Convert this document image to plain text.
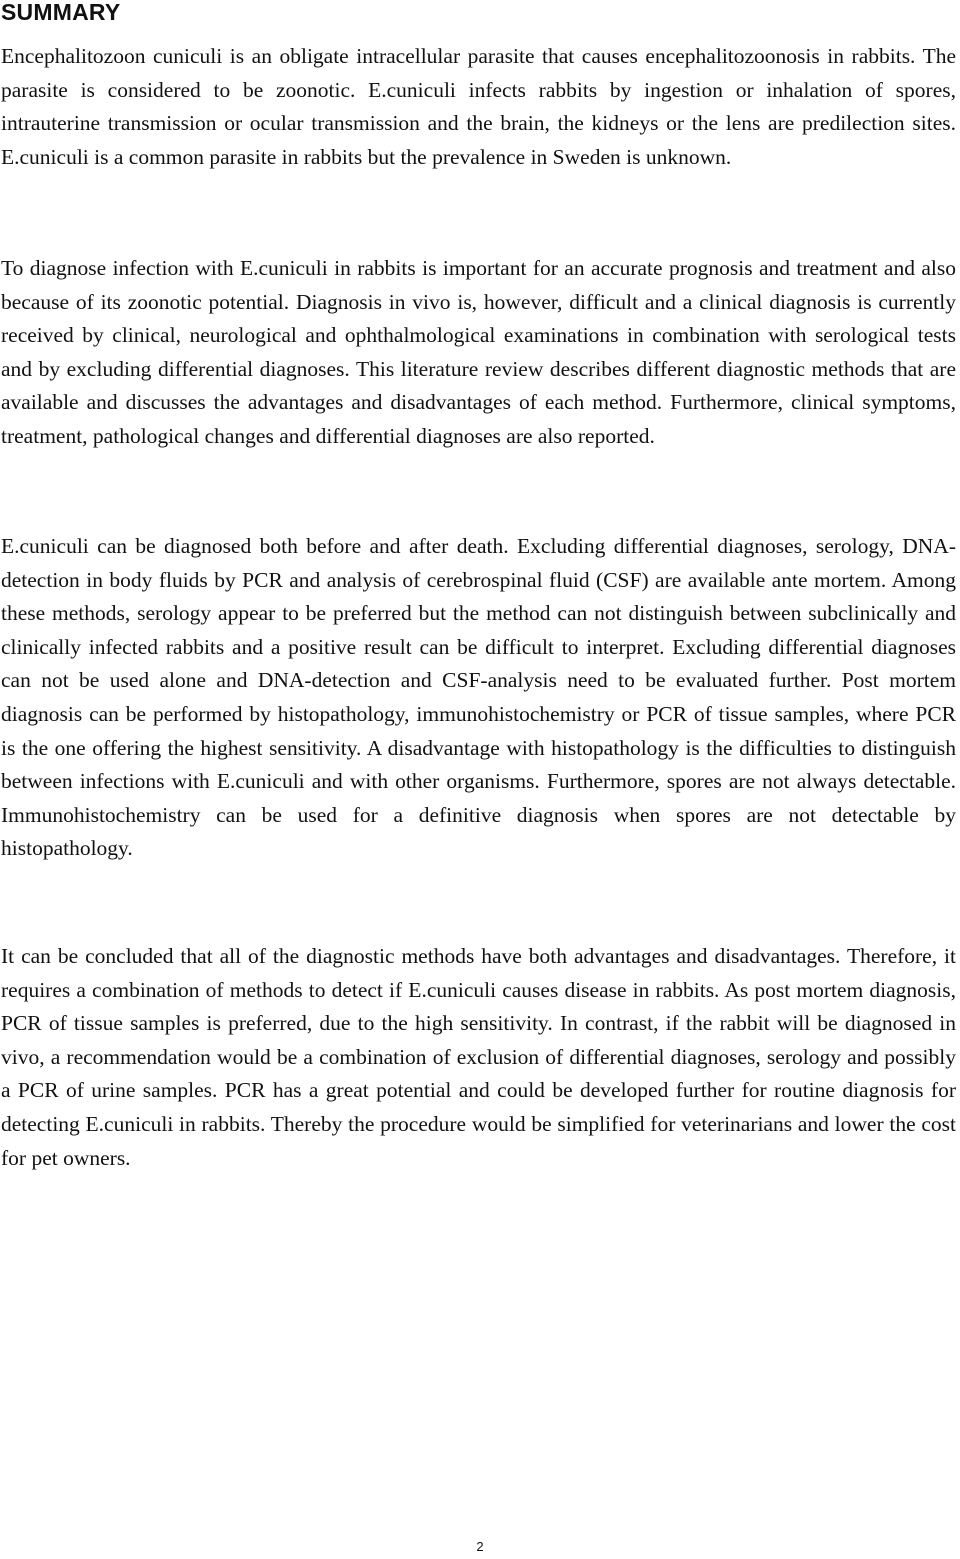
SUMMARY

Encephalitozoon cuniculi is an obligate intracellular parasite that causes encephalitozoonosis in rabbits. The parasite is considered to be zoonotic. E.cuniculi infects rabbits by ingestion or inhalation of spores, intrauterine transmission or ocular transmission and the brain, the kidneys or the lens are predilection sites. E.cuniculi is a common parasite in rabbits but the prevalence in Sweden is unknown.

To diagnose infection with E.cuniculi in rabbits is important for an accurate prognosis and treatment and also because of its zoonotic potential. Diagnosis in vivo is, however, difficult and a clinical diagnosis is currently received by clinical, neurological and ophthalmological examinations in combination with serological tests and by excluding differential diagnoses. This literature review describes different diagnostic methods that are available and discusses the advantages and disadvantages of each method. Furthermore, clinical symptoms, treatment, pathological changes and differential diagnoses are also reported.

E.cuniculi can be diagnosed both before and after death. Excluding differential diagnoses, serology, DNA-detection in body fluids by PCR and analysis of cerebrospinal fluid (CSF) are available ante mortem. Among these methods, serology appear to be preferred but the method can not distinguish between subclinically and clinically infected rabbits and a positive result can be difficult to interpret. Excluding differential diagnoses can not be used alone and DNA-detection and CSF-analysis need to be evaluated further. Post mortem diagnosis can be performed by histopathology, immunohistochemistry or PCR of tissue samples, where PCR is the one offering the highest sensitivity. A disadvantage with histopathology is the difficulties to distinguish between infections with E.cuniculi and with other organisms. Furthermore, spores are not always detectable. Immunohistochemistry can be used for a definitive diagnosis when spores are not detectable by histopathology.

It can be concluded that all of the diagnostic methods have both advantages and disadvantages. Therefore, it requires a combination of methods to detect if E.cuniculi causes disease in rabbits. As post mortem diagnosis, PCR of tissue samples is preferred, due to the high sensitivity. In contrast, if the rabbit will be diagnosed in vivo, a recommendation would be a combination of exclusion of differential diagnoses, serology and possibly a PCR of urine samples. PCR has a great potential and could be developed further for routine diagnosis for detecting E.cuniculi in rabbits. Thereby the procedure would be simplified for veterinarians and lower the cost for pet owners.

2
